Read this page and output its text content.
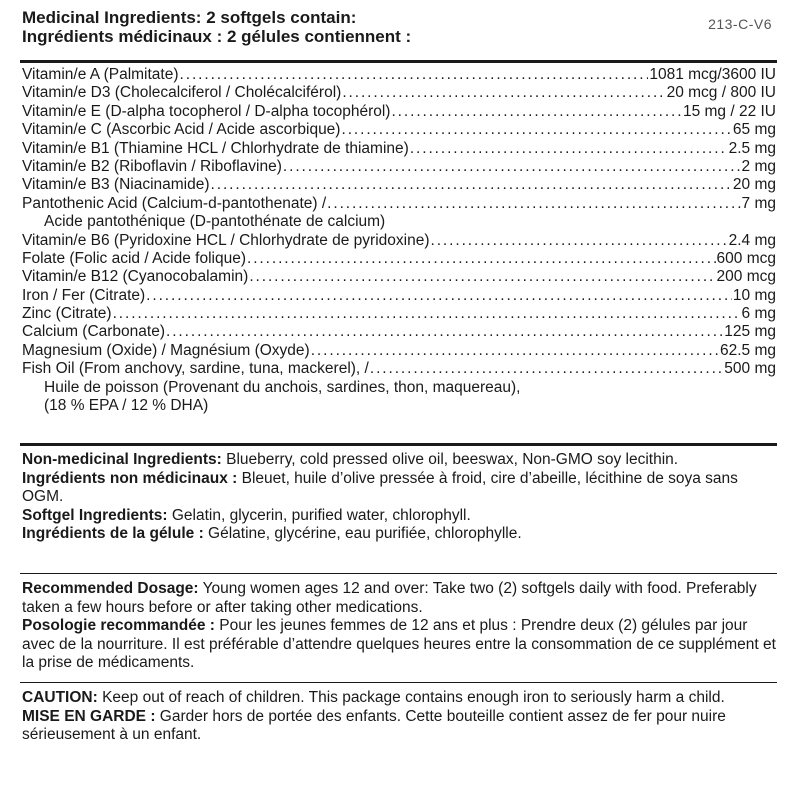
213-C-V6
Medicinal Ingredients: 2 softgels contain:
Ingrédients médicinaux : 2 gélules contiennent :
Vitamin/e A (Palmitate) . . .	1081 mcg/3600 IU
Vitamin/e D3 (Cholecalciferol / Cholécalciférol) . . .	20 mcg / 800 IU
Vitamin/e E (D-alpha tocopherol / D-alpha tocophérol) . . .	15 mg / 22 IU
Vitamin/e C (Ascorbic Acid / Acide ascorbique) . . .	65 mg
Vitamin/e B1 (Thiamine HCL / Chlorhydrate de thiamine) . . .	2.5 mg
Vitamin/e B2 (Riboflavin / Riboflavine) . . .	2 mg
Vitamin/e B3 (Niacinamide) . . .	20 mg
Pantothenic Acid (Calcium-d-pantothenate) / . . .	7 mg
Acide pantothénique (D-pantothénate de calcium)
Vitamin/e B6 (Pyridoxine HCL / Chlorhydrate de pyridoxine) . . .	2.4 mg
Folate (Folic acid / Acide folique) . . .	600 mcg
Vitamin/e B12 (Cyanocobalamin) . . .	200 mcg
Iron / Fer (Citrate) . . .	10 mg
Zinc (Citrate) . . .	6 mg
Calcium (Carbonate) . . .	125 mg
Magnesium (Oxide) / Magnésium (Oxyde) . . .	62.5 mg
Fish Oil (From anchovy, sardine, tuna, mackerel), / . . .	500 mg
Huile de poisson (Provenant du anchois, sardines, thon, maquereau),
(18 % EPA / 12 % DHA)

Non-medicinal Ingredients: Blueberry, cold pressed olive oil, beeswax, Non-GMO soy lecithin.

Ingrédients non médicinaux : Bleuet, huile d’olive pressée à froid, cire d’abeille, lécithine de soya sans OGM.

Softgel Ingredients: Gelatin, glycerin, purified water, chlorophyll.

Ingrédients de la gélule : Gélatine, glycérine, eau purifiée, chlorophylle.

Recommended Dosage: Young women ages 12 and over: Take two (2) softgels daily with food. Preferably taken a few hours before or after taking other medications.

Posologie recommandée : Pour les jeunes femmes de 12 ans et plus : Prendre deux (2) gélules par jour avec de la nourriture. Il est préférable d’attendre quelques heures entre la consommation de ce supplément et la prise de médicaments.

CAUTION: Keep out of reach of children. This package contains enough iron to seriously harm a child.

MISE EN GARDE : Garder hors de portée des enfants. Cette bouteille contient assez de fer pour nuire sérieusement à un enfant.
